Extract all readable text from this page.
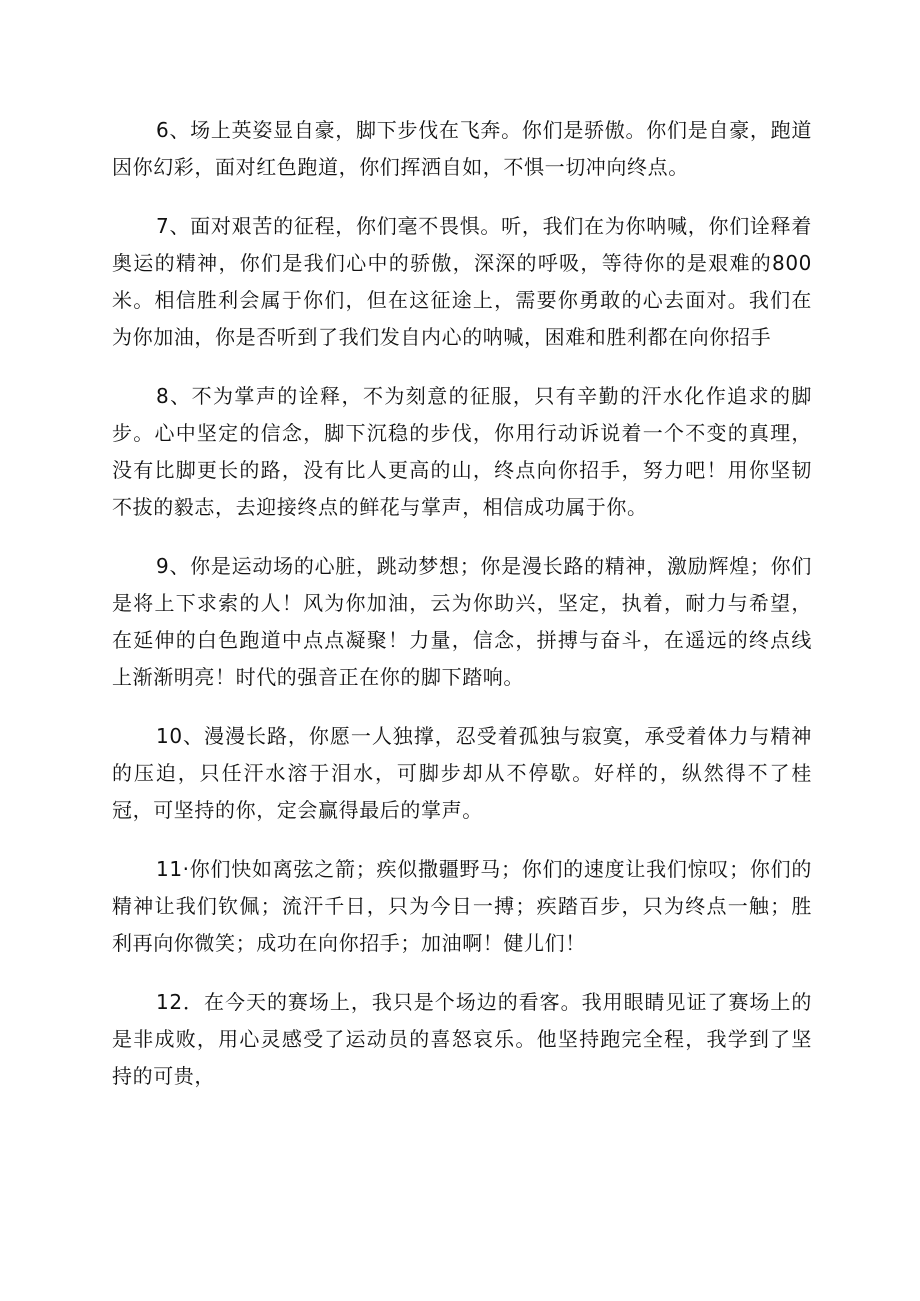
6、场上英姿显自豪，脚下步伐在飞奔。你们是骄傲。你们是自豪，跑道因你幻彩，面对红色跑道，你们挥洒自如，不惧一切冲向终点。

7、面对艰苦的征程，你们毫不畏惧。听，我们在为你呐喊，你们诠释着奥运的精神，你们是我们心中的骄傲，深深的呼吸，等待你的是艰难的800米。相信胜利会属于你们，但在这征途上，需要你勇敢的心去面对。我们在为你加油，你是否听到了我们发自内心的呐喊，困难和胜利都在向你招手

8、不为掌声的诠释，不为刻意的征服，只有辛勤的汗水化作追求的脚步。心中坚定的信念，脚下沉稳的步伐，你用行动诉说着一个不变的真理，没有比脚更长的路，没有比人更高的山，终点向你招手，努力吧！用你坚韧不拔的毅志，去迎接终点的鲜花与掌声，相信成功属于你。

9、你是运动场的心脏，跳动梦想；你是漫长路的精神，激励辉煌；你们是将上下求索的人！风为你加油，云为你助兴，坚定，执着，耐力与希望，在延伸的白色跑道中点点凝聚！力量，信念，拼搏与奋斗，在遥远的终点线上渐渐明亮！时代的强音正在你的脚下踏响。

10、漫漫长路，你愿一人独撑，忍受着孤独与寂寞，承受着体力与精神的压迫，只任汗水溶于泪水，可脚步却从不停歇。好样的，纵然得不了桂冠，可坚持的你，定会赢得最后的掌声。

11·你们快如离弦之箭；疾似撒疆野马；你们的速度让我们惊叹；你们的精神让我们钦佩；流汗千日，只为今日一搏；疾踏百步，只为终点一触；胜利再向你微笑；成功在向你招手；加油啊！健儿们！

12．在今天的赛场上，我只是个场边的看客。我用眼睛见证了赛场上的是非成败，用心灵感受了运动员的喜怒哀乐。他坚持跑完全程，我学到了坚持的可贵，
